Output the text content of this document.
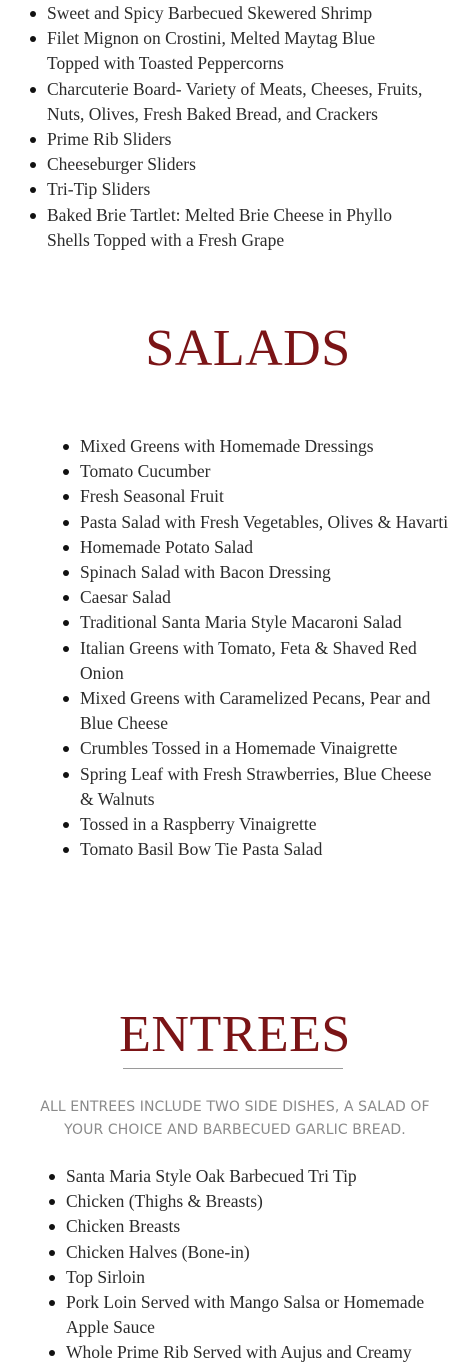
Sweet and Spicy Barbecued Skewered Shrimp
Filet Mignon on Crostini, Melted Maytag Blue Topped with Toasted Peppercorns
Charcuterie Board- Variety of Meats, Cheeses, Fruits, Nuts, Olives, Fresh Baked Bread, and Crackers
Prime Rib Sliders
Cheeseburger Sliders
Tri-Tip Sliders
Baked Brie Tartlet: Melted Brie Cheese in Phyllo Shells Topped with a Fresh Grape
SALADS
Mixed Greens with Homemade Dressings
Tomato Cucumber
Fresh Seasonal Fruit
Pasta Salad with Fresh Vegetables, Olives & Havarti
Homemade Potato Salad
Spinach Salad with Bacon Dressing
Caesar Salad
Traditional Santa Maria Style Macaroni Salad
Italian Greens with Tomato, Feta & Shaved Red Onion
Mixed Greens with Caramelized Pecans, Pear and Blue Cheese
Crumbles Tossed in a Homemade Vinaigrette
Spring Leaf with Fresh Strawberries, Blue Cheese & Walnuts
Tossed in a Raspberry Vinaigrette
Tomato Basil Bow Tie Pasta Salad
ENTREES

ALL ENTREES INCLUDE TWO SIDE DISHES, A SALAD OF YOUR CHOICE AND BARBECUED GARLIC BREAD.

Santa Maria Style Oak Barbecued Tri Tip
Chicken (Thighs & Breasts)
Chicken Breasts
Chicken Halves (Bone-in)
Top Sirloin
Pork Loin Served with Mango Salsa or Homemade Apple Sauce
Whole Prime Rib Served with Aujus and Creamy
